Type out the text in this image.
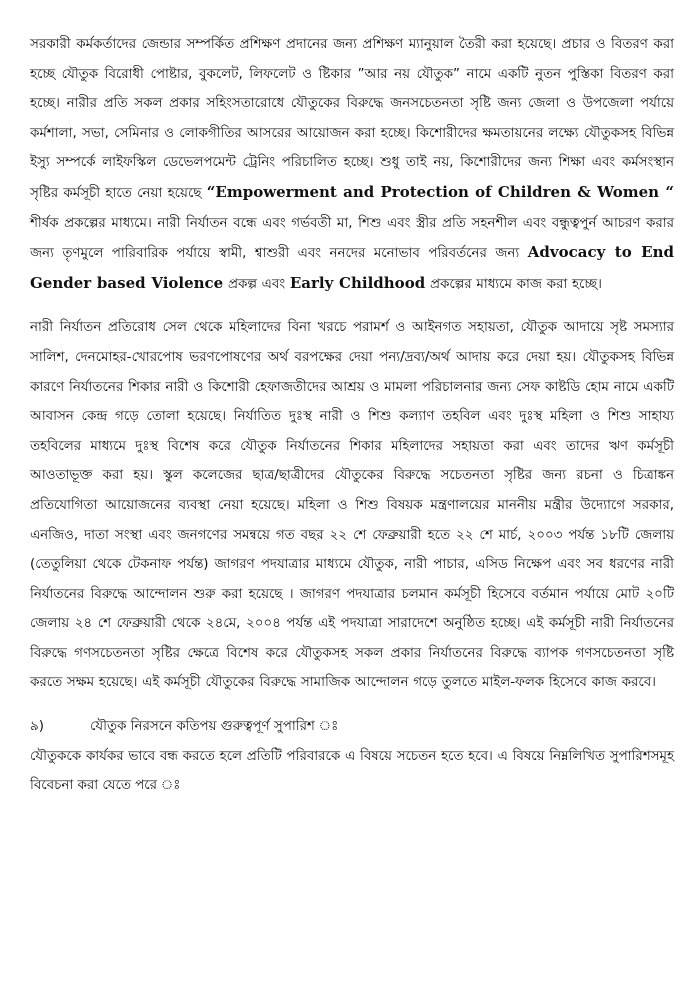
সরকারী কর্মকর্তাদের জেন্ডার সম্পর্কিত প্রশিক্ষণ প্রদানের জন্য প্রশিক্ষণ ম্যানুয়াল তৈরী করা হয়েছে। প্রচার ও বিতরণ করা হচ্ছে যৌতুক বিরোধী পোষ্টার, বুকলেট, লিফলেট ও ষ্টিকার ”আর নয় যৌতুক” নামে একটি নুতন পুস্তিকা বিতরণ করা হচ্ছে। নারীর প্রতি সকল প্রকার সহিংসতারোধে যৌতুকের বিরুদ্ধে জনসচেতনতা সৃষ্টি জন্য জেলা ও উপজেলা পর্যায়ে কর্মশালা, সভা, সেমিনার ও লোকগীতির আসরের আয়োজন করা হচ্ছে। কিশোরীদের ক্ষমতায়নের লক্ষ্যে যৌতুকসহ বিভিন্ন ইস্যু সম্পর্কে লাইফস্কিল ডেভেলপমেন্ট ট্রেনিং পরিচালিত হচ্ছে। শুধু তাই নয়, কিশোরীদের জন্য শিক্ষা এবং কর্মসংস্থান সৃষ্টির কর্মসূচী হাতে নেয়া হয়েছে “Empowerment and Protection of Children & Women “ শীর্ষক প্রকল্পের মাধ্যমে। নারী নির্যাতন বন্ধে এবং গর্ভবতী মা, শিশু এবং স্ত্রীর প্রতি সহনশীল এবং বন্ধুত্বপুর্ন আচরণ করার জন্য তৃণমুলে পারিবারিক পর্যায়ে স্বামী, শ্বাশুরী এবং ননদের মনোভাব পরিবর্তনের জন্য Advocacy to End Gender based Violence প্রকল্প এবং Early Childhood প্রকল্পের মাধ্যমে কাজ করা হচ্ছে।

নারী নির্যাতন প্রতিরোধ সেল থেকে মহিলাদের বিনা খরচে পরামর্শ ও আইনগত সহায়তা, যৌতুক আদায়ে সৃষ্ট সমস্যার সালিশ, দেনমোহর-খোরপোষ ভরণপোষণের অর্থ বরপক্ষের দেয়া পন্য/দ্রব্য/অর্থ আদায় করে দেয়া হয়। যৌতুকসহ বিভিন্ন কারণে নির্যাতনের শিকার নারী ও কিশোরী হেফাজতীদের আশ্রয় ও মামলা পরিচালনার জন্য সেফ কাষ্টডি হোম নামে একটি আবাসন কেন্দ্র গড়ে তোলা হয়েছে। নির্যাতিত দুঃস্থ নারী ও শিশু কল্যাণ তহবিল এবং দুঃস্থ মহিলা ও শিশু সাহায্য তহবিলের মাধ্যমে দুঃস্থ বিশেষ করে যৌতুক নির্যাতনের শিকার মহিলাদের সহায়তা করা এবং তাদের ঋণ কর্মসূচী আওতাভূক্ত করা হয়। স্কুল কলেজের ছাত্র/ছাত্রীদের যৌতুকের বিরুদ্ধে সচেতনতা সৃষ্টির জন্য রচনা ও চিত্রাঙ্কন প্রতিযোগিতা আয়োজনের ব্যবস্থা নেয়া হয়েছে। মহিলা ও শিশু বিষয়ক মন্ত্রণালয়ের মাননীয় মন্ত্রীর উদ্যোগে সরকার, এনজিও, দাতা সংস্থা এবং জনগণের সমন্বয়ে গত বছর ২২ শে ফেব্রুয়ারী হতে ২২ শে মার্চ, ২০০৩ পর্যন্ত ১৮টি জেলায় (তেতুলিয়া থেকে টেকনাফ পর্যন্ত) জাগরণ পদযাত্রার মাধ্যমে যৌতুক, নারী পাচার, এসিড নিক্ষেপ এবং সব ধরণের নারী নির্যাতনের বিরুদ্ধে আন্দোলন শুরু করা হয়েছে । জাগরণ পদযাত্রার চলমান কর্মসূচী হিসেবে বর্তমান পর্যায়ে মোট ২০টি জেলায় ২৪ শে ফেব্রুয়ারী থেকে ২৪মে, ২০০৪ পর্যন্ত এই পদযাত্রা সারাদেশে অনুষ্ঠিত হচ্ছে। এই কর্মসূচী নারী নির্যাতনের বিরুদ্ধে গণসচেতনতা সৃষ্টির ক্ষেত্রে বিশেষ করে যৌতুকসহ সকল প্রকার নির্যাতনের বিরুদ্ধে ব্যাপক গণসচেতনতা সৃষ্টি করতে সক্ষম হয়েছে। এই কর্মসূচী যৌতুকের বিরুদ্ধে সামাজিক আন্দোলন গড়ে তুলতে মাইল-ফলক হিসেবে কাজ করবে।

৯)	যৌতুক নিরসনে কতিপয় গুরুত্বপূর্ণ সুপারিশ ঃ

যৌতুককে কার্যকর ভাবে বন্ধ করতে হলে প্রতিটি পরিবারকে এ বিষয়ে সচেতন হতে হবে। এ বিষয়ে নিম্নলিখিত সুপারিশসমূহ বিবেচনা করা যেতে পরে ঃ
